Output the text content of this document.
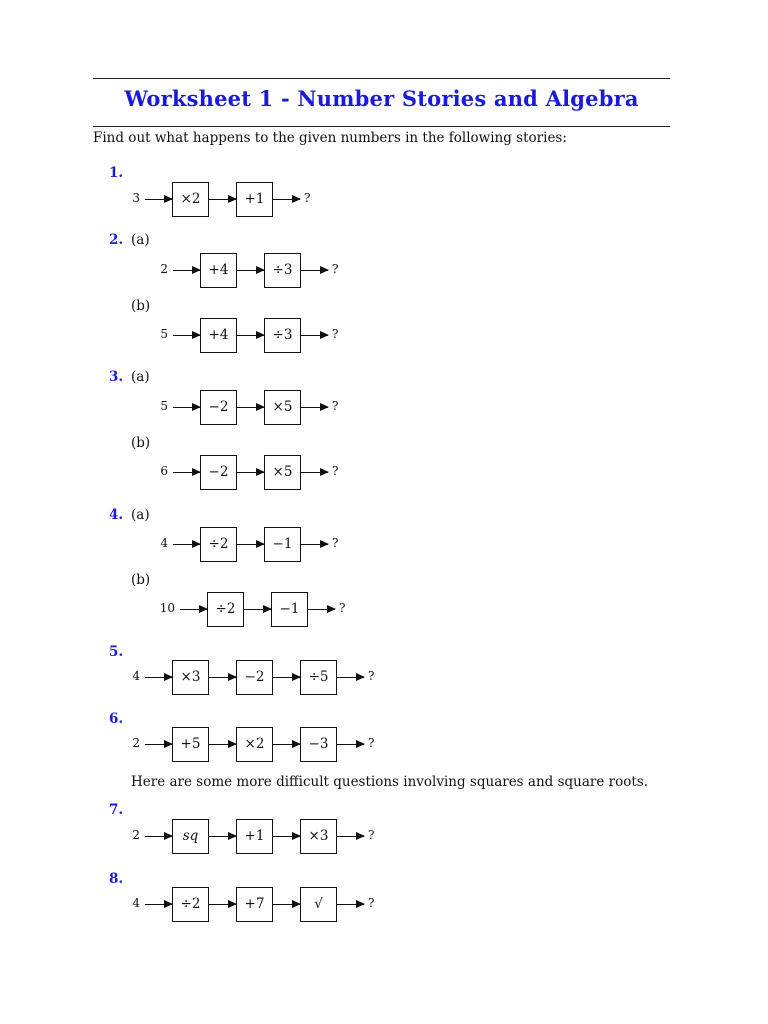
Worksheet 1 - Number Stories and Algebra
Find out what happens to the given numbers in the following stories:
Here are some more difficult questions involving squares and square roots.
1.
3	×2	+1	?
2. (a)
2	+4	÷3	?
(b)
5	+4	÷3	?
3. (a)
5	−2	×5	?
(b)
6	−2	×5	?
4. (a)
4	÷2	−1	?
(b)
10	÷2	−1	?
5.
4	×3	−2	÷5	?
6.
2	+5	×2	−3	?
7.
2	sq	+1	×3	?
8.
4	÷2	+7	√	?
